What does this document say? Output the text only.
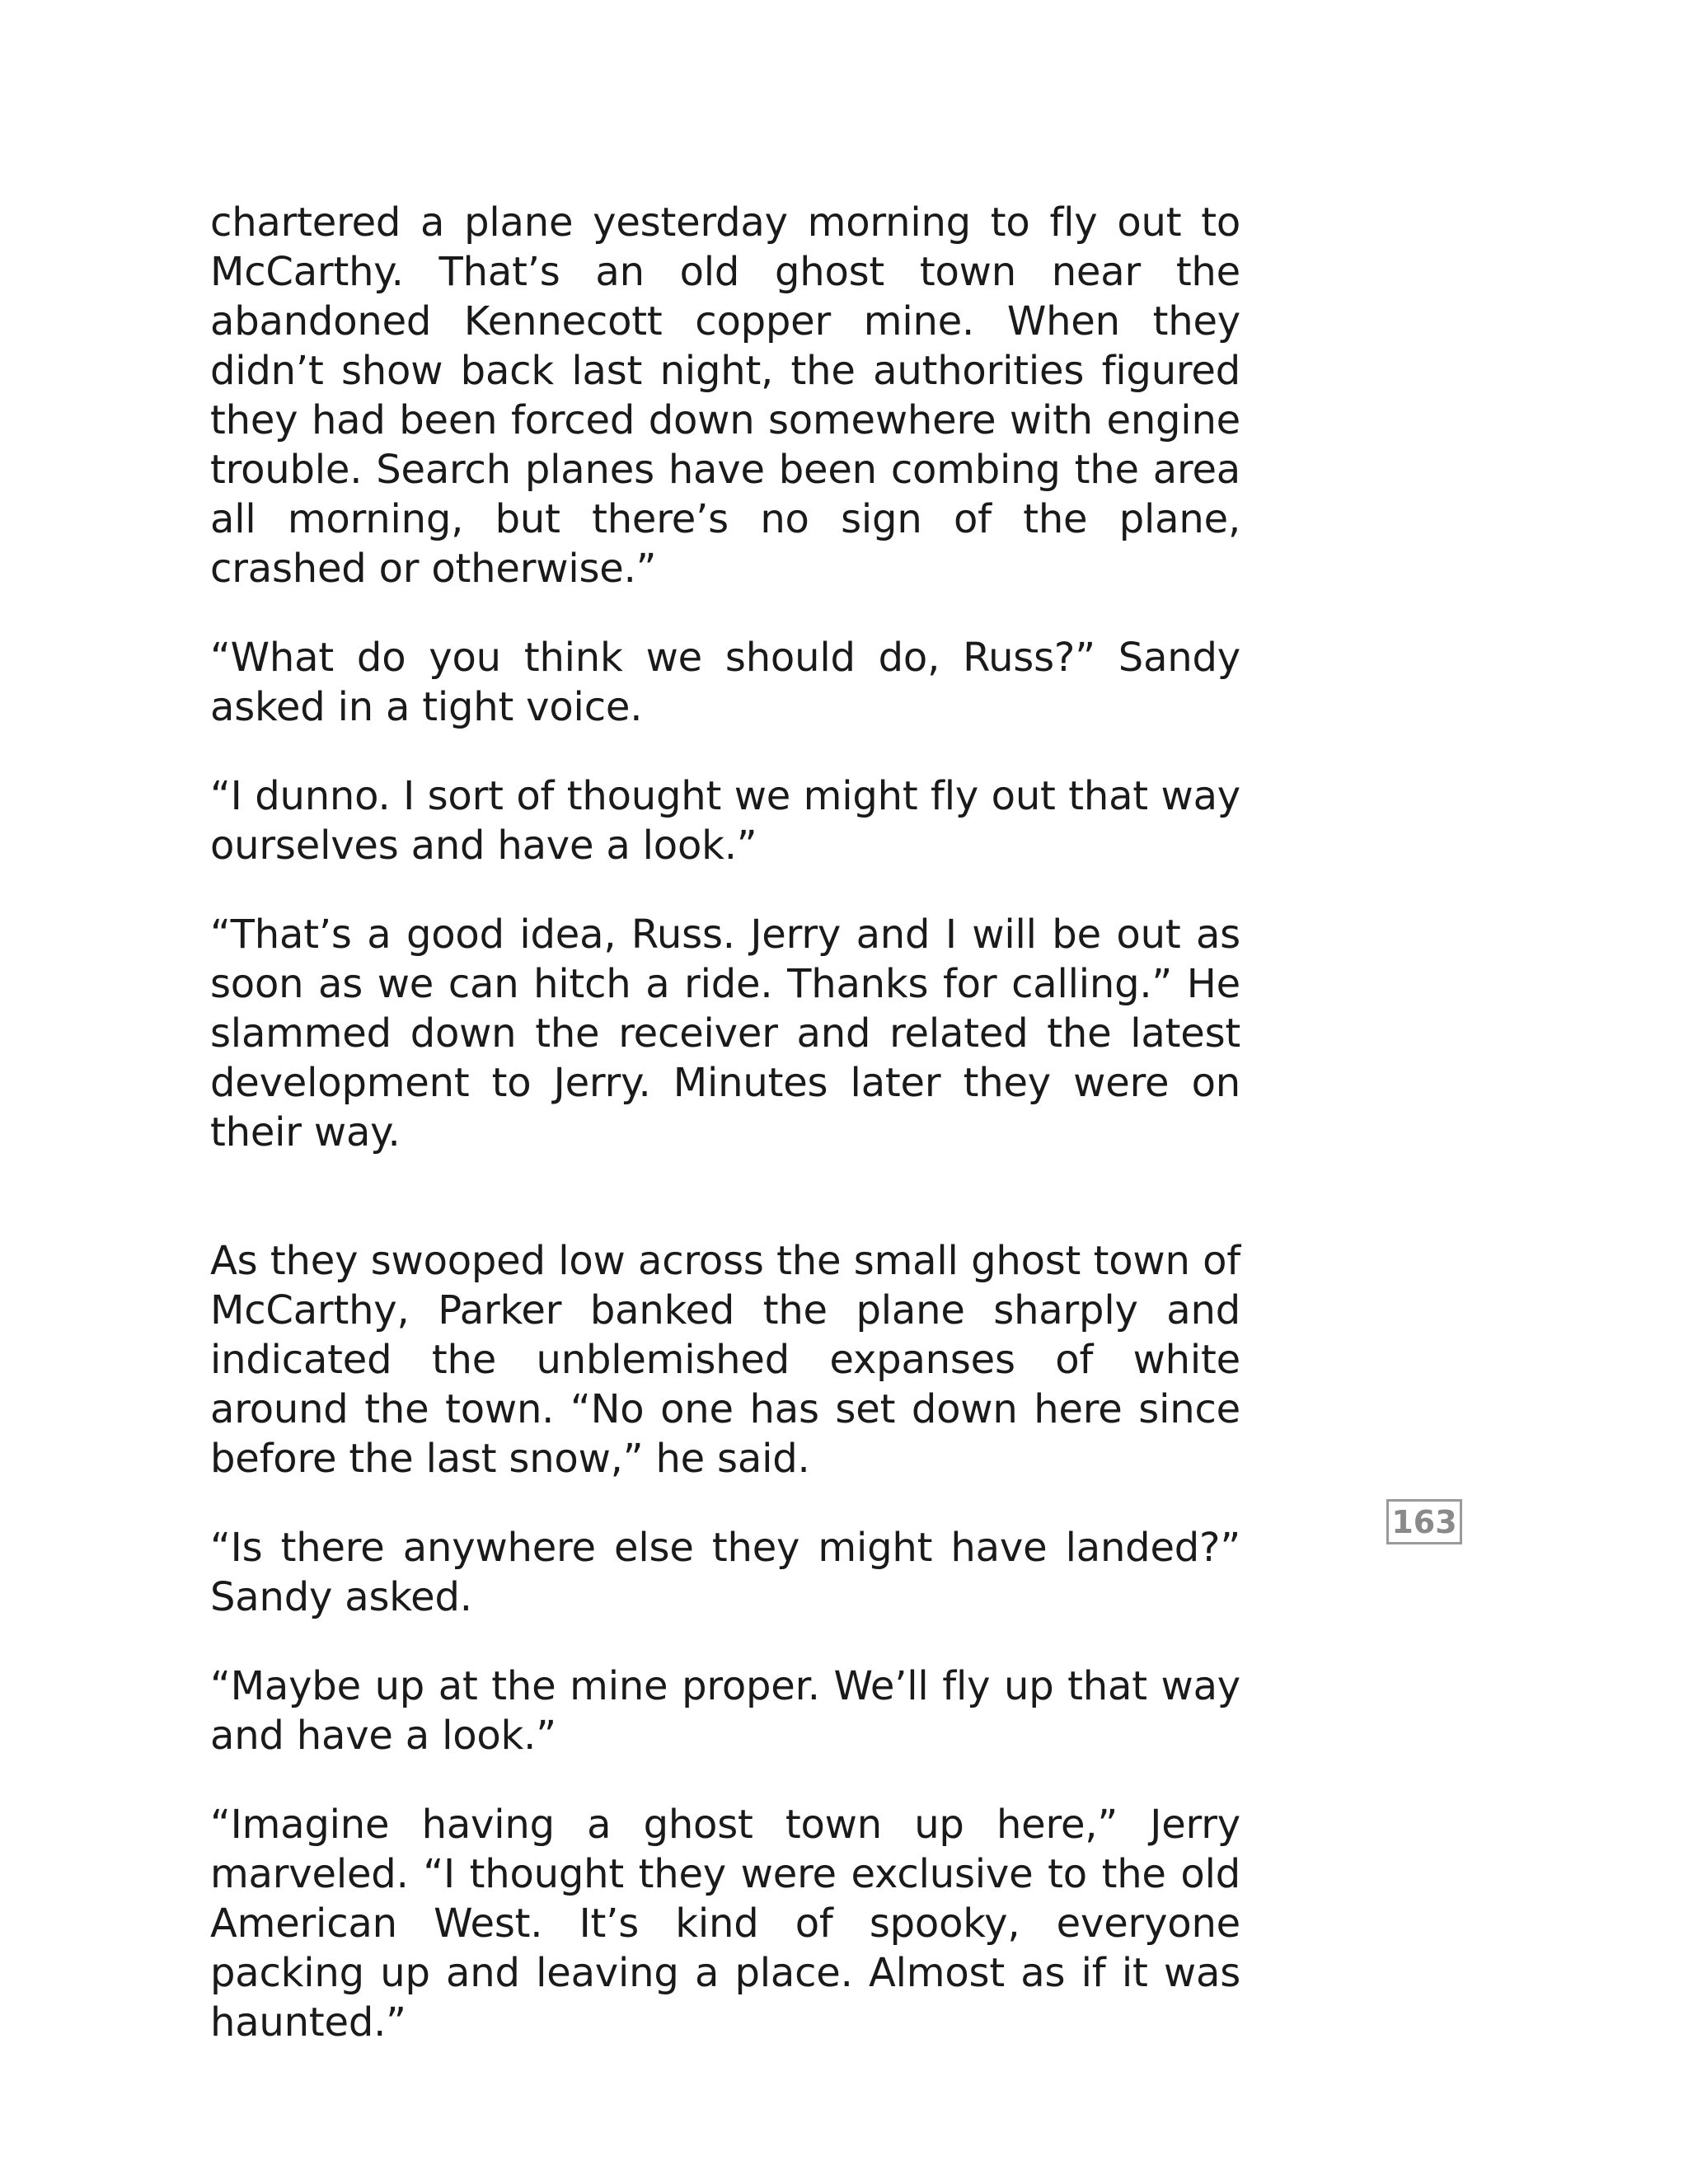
chartered a plane yesterday morning to fly out to McCarthy. That’s an old ghost town near the abandoned Kennecott copper mine. When they didn’t show back last night, the authorities figured they had been forced down somewhere with engine trouble. Search planes have been combing the area all morning, but there’s no sign of the plane, crashed or otherwise.”

“What do you think we should do, Russ?” Sandy asked in a tight voice.

“I dunno. I sort of thought we might fly out that way ourselves and have a look.”

“That’s a good idea, Russ. Jerry and I will be out as soon as we can hitch a ride. Thanks for calling.” He slammed down the receiver and related the latest development to Jerry. Minutes later they were on their way.

As they swooped low across the small ghost town of McCarthy, Parker banked the plane sharply and indicated the unblemished expanses of white around the town. “No one has set down here since before the last snow,” he said.

“Is there anywhere else they might have landed?” Sandy asked.

“Maybe up at the mine proper. We’ll fly up that way and have a look.”

“Imagine having a ghost town up here,” Jerry marveled. “I thought they were exclusive to the old American West. It’s kind of spooky, everyone packing up and leaving a place. Almost as if it was haunted.”

163
